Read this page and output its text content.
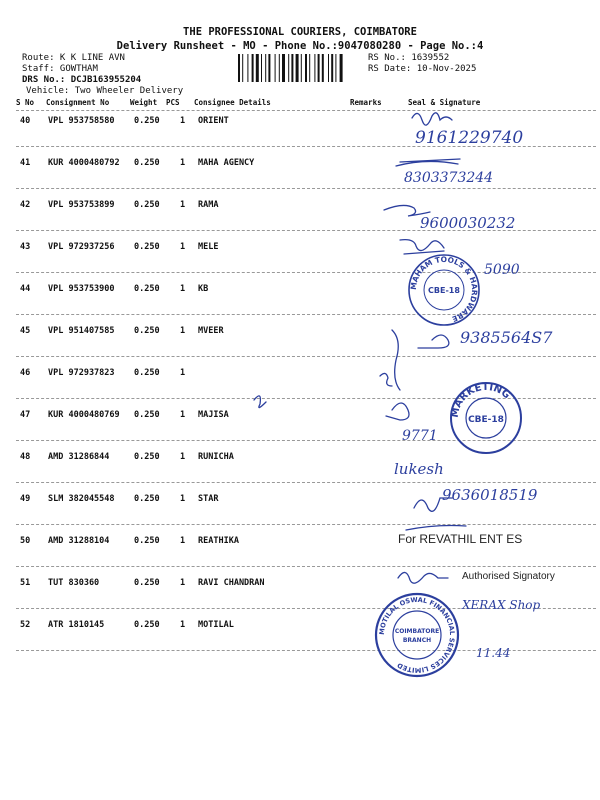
THE PROFESSIONAL COURIERS, COIMBATORE
Delivery Runsheet - MO - Phone No.:9047080280 - Page No.:4
Route: K K LINE AVN
Staff: GOWTHAM
DRS No.: DCJB163955204
Vehicle: Two Wheeler Delivery
RS No.: 1639552
RS Date: 10-Nov-2025
S No Consignment No	Weight PCS Consignee Details	Remarks	Seal & Signature
40 VPL 953758580 0.250 1 ORIENT
41 KUR 4000480792 0.250 1 MAHA AGENCY
42 VPL 953753899 0.250 1 RAMA
43 VPL 972937256 0.250 1 MELE
44 VPL 953753900 0.250 1 KB
45 VPL 951407585 0.250 1 MVEER
46 VPL 972937823 0.250 1
47 KUR 4000480769 0.250 1 MAJISA
48 AMD 31286844	0.250 1 RUNICHA
49 SLM 382045548 0.250 1 STAR
50 AMD 31288104	0.250 1 REATHIKA
51 TUT 830360	0.250 1 RAVI CHANDRAN
52 ATR 1810145	0.250 1 MOTILAL
9161229740
8303373244
9600030232
5090
9385564S7
9771
lukesh
9636018519
XERAX Shop
11.44
For REVATHIL ENT ES
Authorised Signatory
MAHAM TOOLS & HARDWARE
CBE-18
MARKETING
CBE-18
MOTILAL OSWAL FINANCIAL SERVICES LIMITED
COIMBATORE
BRANCH
